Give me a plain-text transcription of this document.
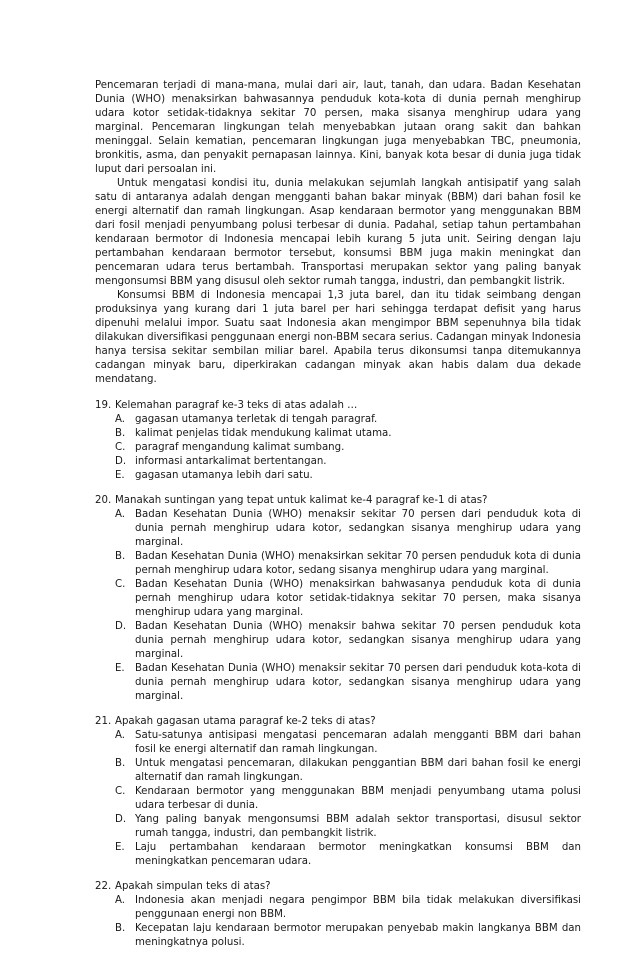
Pencemaran terjadi di mana-mana, mulai dari air, laut, tanah, dan udara. Badan Kesehatan Dunia (WHO) menaksirkan bahwasannya penduduk kota-kota di dunia pernah menghirup udara kotor setidak-tidaknya sekitar 70 persen, maka sisanya menghirup udara yang marginal. Pencemaran lingkungan telah menyebabkan jutaan orang sakit dan bahkan meninggal. Selain kematian, pencemaran lingkungan juga menyebabkan TBC, pneumonia, bronkitis, asma, dan penyakit pernapasan lainnya. Kini, banyak kota besar di dunia juga tidak luput dari persoalan ini.

Untuk mengatasi kondisi itu, dunia melakukan sejumlah langkah antisipatif yang salah satu di antaranya adalah dengan mengganti bahan bakar minyak (BBM) dari bahan fosil ke energi alternatif dan ramah lingkungan. Asap kendaraan bermotor yang menggunakan BBM dari fosil menjadi penyumbang polusi terbesar di dunia. Padahal, setiap tahun pertambahan kendaraan bermotor di Indonesia mencapai lebih kurang 5 juta unit. Seiring dengan laju pertambahan kendaraan bermotor tersebut, konsumsi BBM juga makin meningkat dan pencemaran udara terus bertambah. Transportasi merupakan sektor yang paling banyak mengonsumsi BBM yang disusul oleh sektor rumah tangga, industri, dan pembangkit listrik.

Konsumsi BBM di Indonesia mencapai 1,3 juta barel, dan itu tidak seimbang dengan produksinya yang kurang dari 1 juta barel per hari sehingga terdapat defisit yang harus dipenuhi melalui impor. Suatu saat Indonesia akan mengimpor BBM sepenuhnya bila tidak dilakukan diversifikasi penggunaan energi non-BBM secara serius. Cadangan minyak Indonesia hanya tersisa sekitar sembilan miliar barel. Apabila terus dikonsumsi tanpa ditemukannya cadangan minyak baru, diperkirakan cadangan minyak akan habis dalam dua dekade mendatang.

19. Kelemahan paragraf ke-3 teks di atas adalah …
A. gagasan utamanya terletak di tengah paragraf.
B. kalimat penjelas tidak mendukung kalimat utama.
C. paragraf mengandung kalimat sumbang.
D. informasi antarkalimat bertentangan.
E.	gagasan utamanya lebih dari satu.
20. Manakah suntingan yang tepat untuk kalimat ke-4 paragraf ke-1 di atas?
A. Badan Kesehatan Dunia (WHO) menaksir sekitar 70 persen dari penduduk kota di dunia pernah menghirup udara kotor, sedangkan sisanya menghirup udara yang marginal.
B. Badan Kesehatan Dunia (WHO) menaksirkan sekitar 70 persen penduduk kota di dunia pernah menghirup udara kotor, sedang sisanya menghirup udara yang marginal.
C. Badan Kesehatan Dunia (WHO) menaksirkan bahwasanya penduduk kota di dunia pernah menghirup udara kotor setidak-tidaknya sekitar 70 persen, maka sisanya menghirup udara yang marginal.
D. Badan Kesehatan Dunia (WHO) menaksir bahwa sekitar 70 persen penduduk kota dunia pernah menghirup udara kotor, sedangkan sisanya menghirup udara yang marginal.
E.	Badan Kesehatan Dunia (WHO) menaksir sekitar 70 persen dari penduduk kota-kota di dunia pernah menghirup udara kotor, sedangkan sisanya menghirup udara yang marginal.
21. Apakah gagasan utama paragraf ke-2 teks di atas?
A. Satu-satunya antisipasi mengatasi pencemaran adalah mengganti BBM dari bahan fosil ke energi alternatif dan ramah lingkungan.
B. Untuk mengatasi pencemaran, dilakukan penggantian BBM dari bahan fosil ke energi alternatif dan ramah lingkungan.
C. Kendaraan bermotor yang menggunakan BBM menjadi penyumbang utama polusi udara terbesar di dunia.
D. Yang paling banyak mengonsumsi BBM adalah sektor transportasi, disusul sektor rumah tangga, industri, dan pembangkit listrik.
E.	Laju pertambahan kendaraan bermotor meningkatkan konsumsi BBM dan meningkatkan pencemaran udara.
22. Apakah simpulan teks di atas?
A. Indonesia akan menjadi negara pengimpor BBM bila tidak melakukan diversifikasi penggunaan energi non BBM.
B. Kecepatan laju kendaraan bermotor merupakan penyebab makin langkanya BBM dan meningkatnya polusi.
